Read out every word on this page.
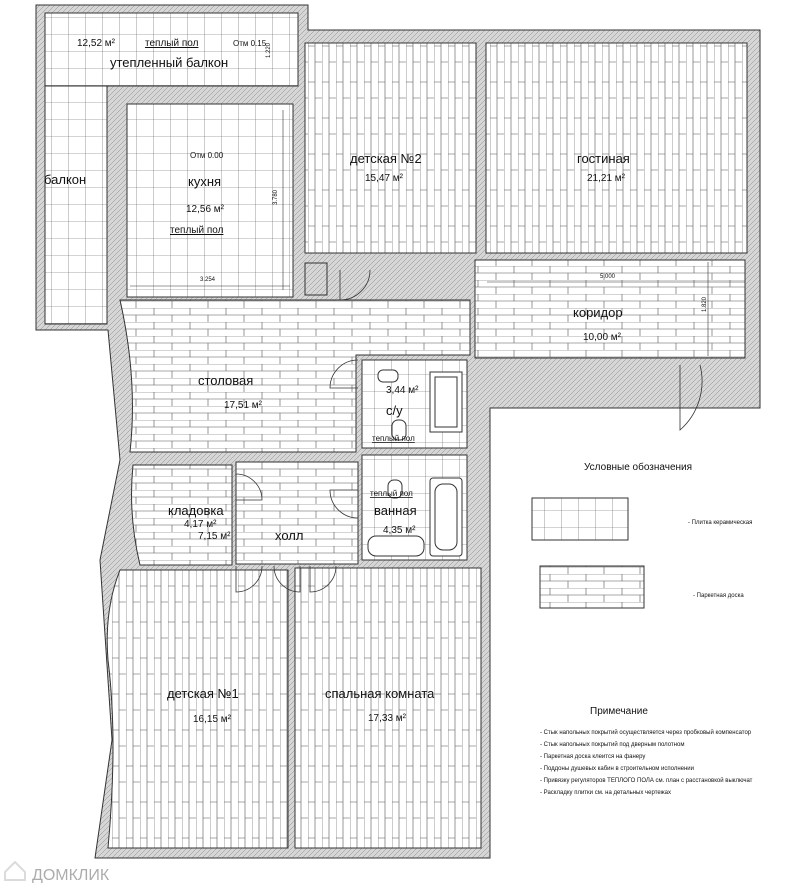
12,52 м²	теплый пол	Отм 0.15 1.220
утепленный балкон
балкон
Отм 0.00
кухня
12,56 м²
теплый пол
3.254
3.780
детская №2
15,47 м²
гостиная
21,21 м²
5.000
1.820
коридор
10,00 м²
столовая
17,51 м²
3,44 м²
с/у
теплый пол
теплый пол
ванная
4,35 м²
кладовка
4,17 м²
7,15 м²	холл
детская №1
16,15 м²
спальная комната
17,33 м²
Условные обозначения
- Плитка керамическая
- Паркетная доска
Примечание
- Стык напольных покрытий осуществляется через пробковый компенсатор
- Стык напольных покрытий под дверным полотном
- Паркетная доска клеится на фанеру
- Поддоны душевых кабин в строительном исполнении
- Привязку регуляторов ТЕПЛОГО ПОЛА см. план с расстановкой выключат
- Раскладку плитки см. на детальных чертежах
ДОМКЛИК
